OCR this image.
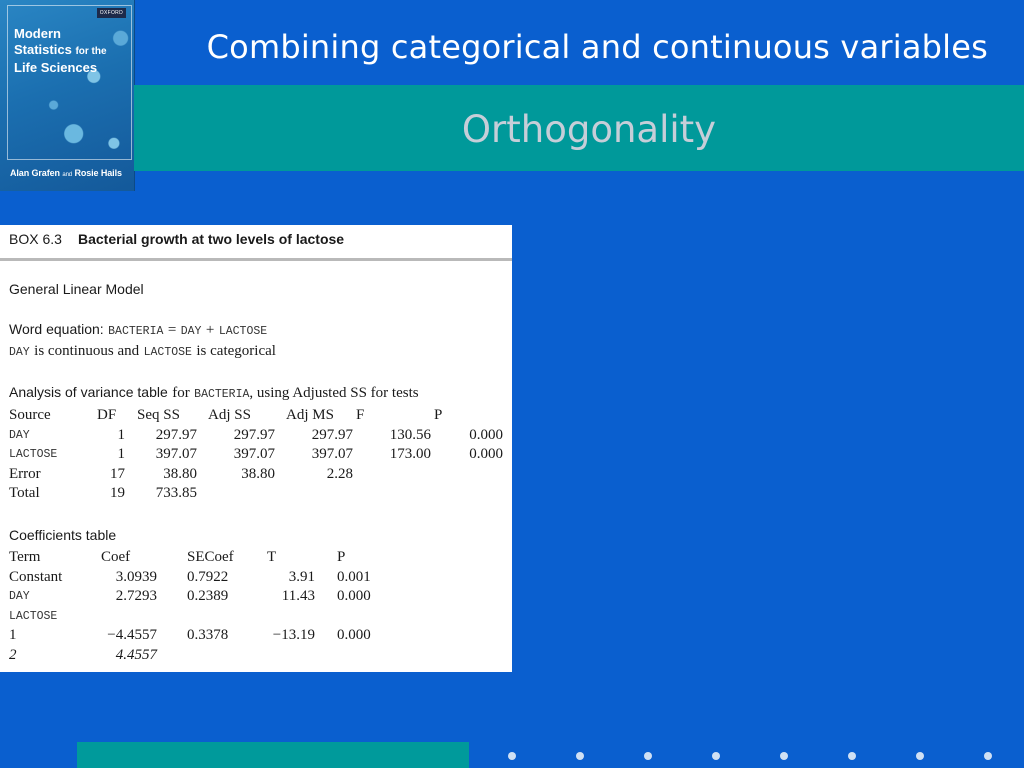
OXFORD
Modern
Statistics for the
Life Sciences
Alan Grafen and Rosie Hails
Combining categorical and continuous variables
Orthogonality
BOX 6.3 Bacterial growth at two levels of lactose
General Linear Model
Word equation: BACTERIA = DAY + LACTOSE
DAY is continuous and LACTOSE is categorical
Analysis of variance table for BACTERIA, using Adjusted SS for tests
Source	DF	Seq SS	Adj SS	Adj MS	F	P
DAY	1	297.97	297.97	297.97	130.56	0.000
LACTOSE	1	397.07	397.07	397.07	173.00	0.000
Error	17	38.80	38.80	2.28		
Total	19	733.85				
Coefficients table
Term	Coef	SECoef	T	P
Constant	3.0939	0.7922	3.91	0.001
DAY	2.7293	0.2389	11.43	0.000
LACTOSE				
1	−4.4557	0.3378	−13.19	0.000
2	4.4557			
